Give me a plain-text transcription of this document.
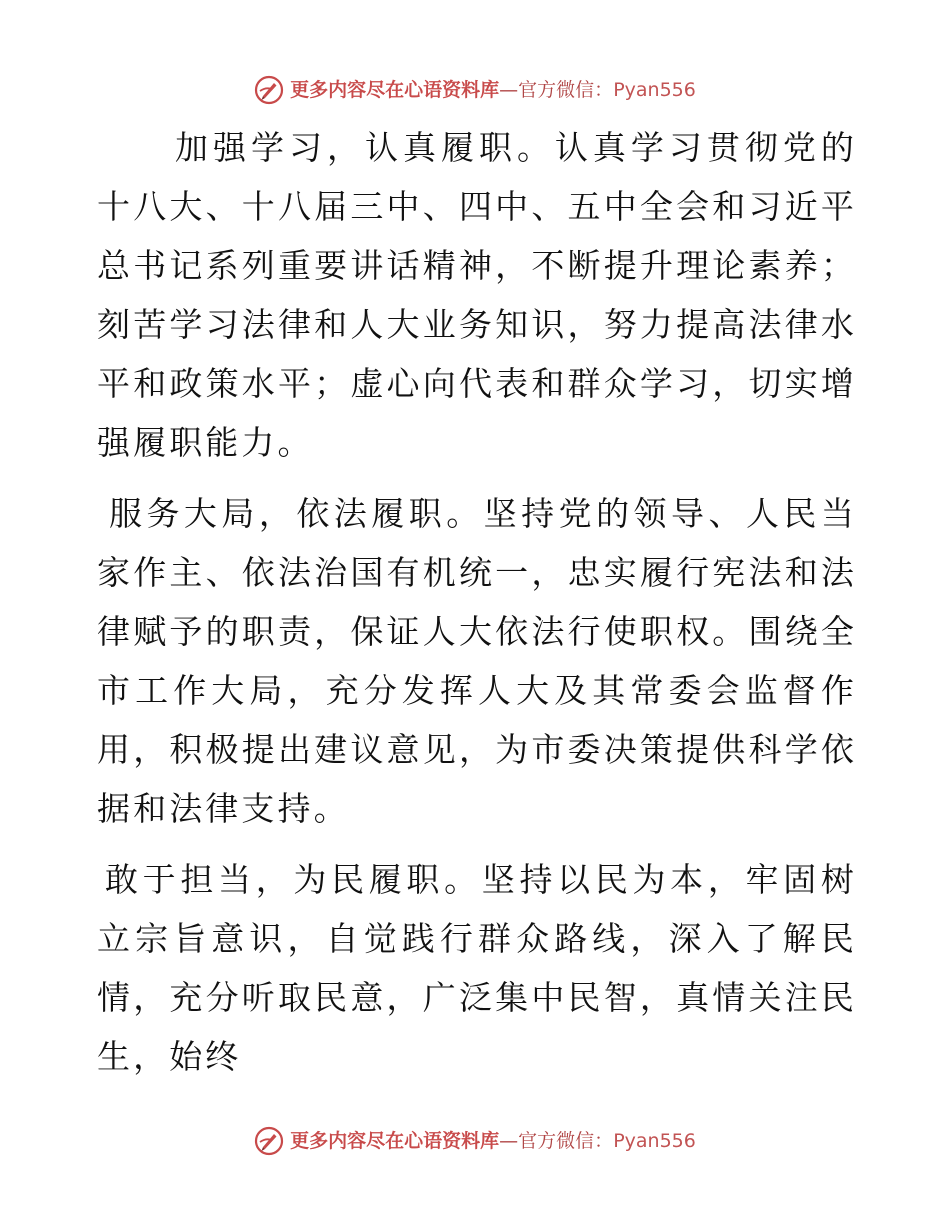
更多内容尽在心语资料库 — 官方微信： Pyan556

加强学习，认真履职。认真学习贯彻党的十八大、十八届三中、四中、五中全会和习近平总书记系列重要讲话精神，不断提升理论素养；刻苦学习法律和人大业务知识，努力提高法律水平和政策水平；虚心向代表和群众学习，切实增强履职能力。

服务大局，依法履职。坚持党的领导、人民当家作主、依法治国有机统一，忠实履行宪法和法律赋予的职责，保证人大依法行使职权。围绕全市工作大局，充分发挥人大及其常委会监督作用，积极提出建议意见，为市委决策提供科学依据和法律支持。

敢于担当，为民履职。坚持以民为本，牢固树立宗旨意识，自觉践行群众路线，深入了解民情，充分听取民意，广泛集中民智，真情关注民生，始终

更多内容尽在心语资料库 — 官方微信： Pyan556
